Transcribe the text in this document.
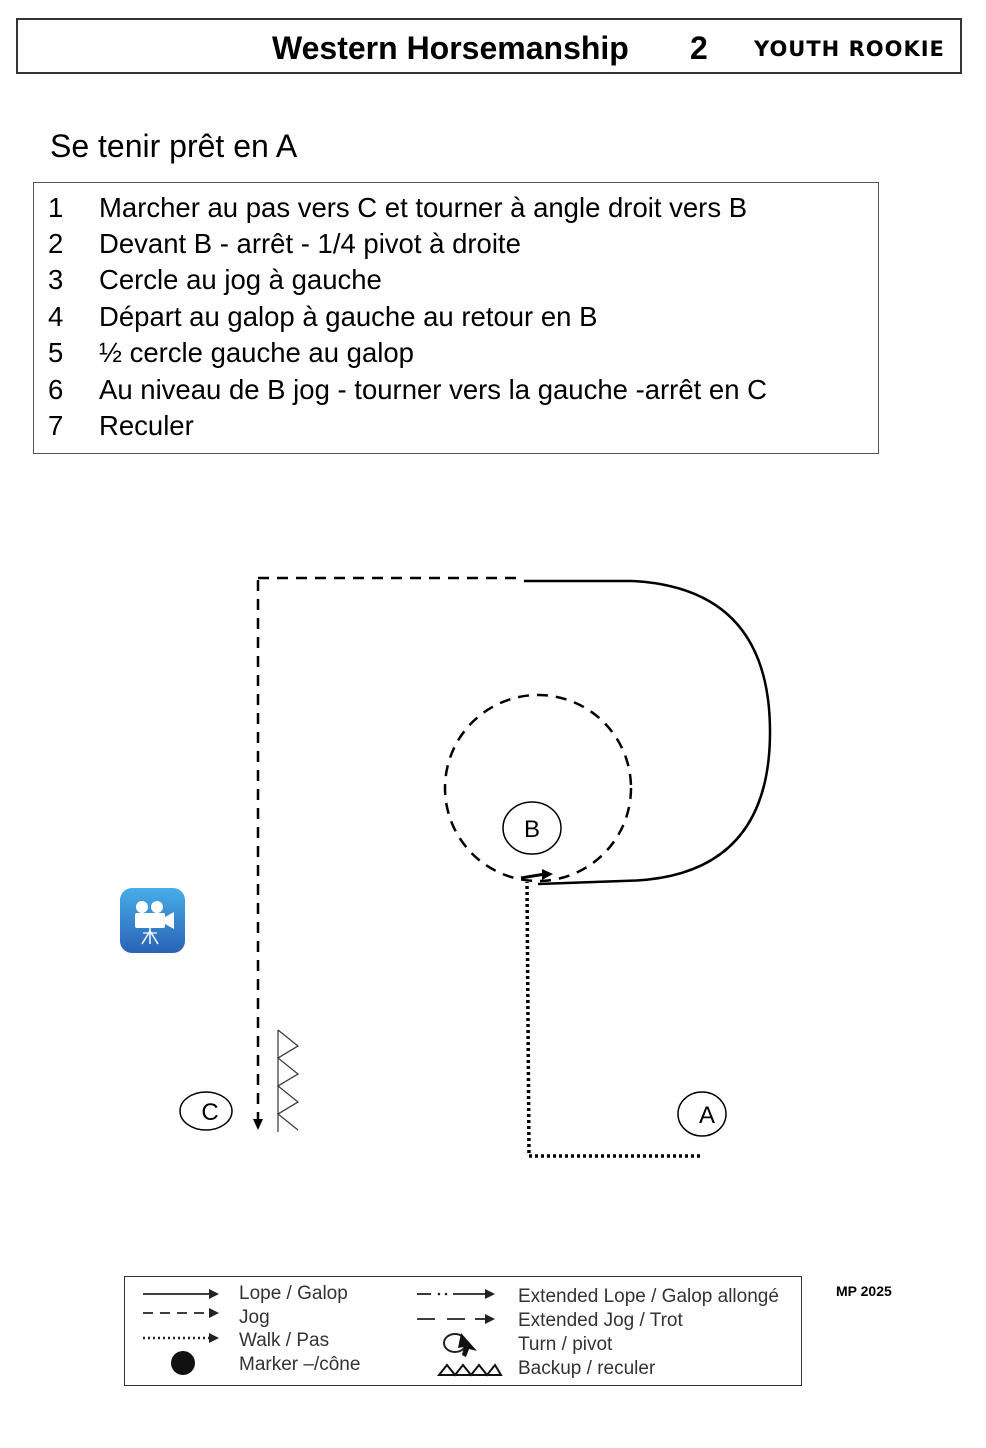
Western Horsemanship 2 YOUTH ROOKIE
Se tenir prêt en A
1 Marcher au pas vers C et tourner à angle droit vers B
2 Devant B - arrêt - 1/4 pivot à droite
3 Cercle au jog à gauche
4 Départ au galop à gauche au retour en B
5 ½ cercle gauche au galop
6 Au niveau de B jog - tourner vers la gauche -arrêt en C
7 Reculer
B
C	A
Lope / Galop
Jog
Walk / Pas
Marker –/cône
Extended Lope / Galop allongé
Extended Jog / Trot
Turn / pivot
Backup / reculer
MP 2025
